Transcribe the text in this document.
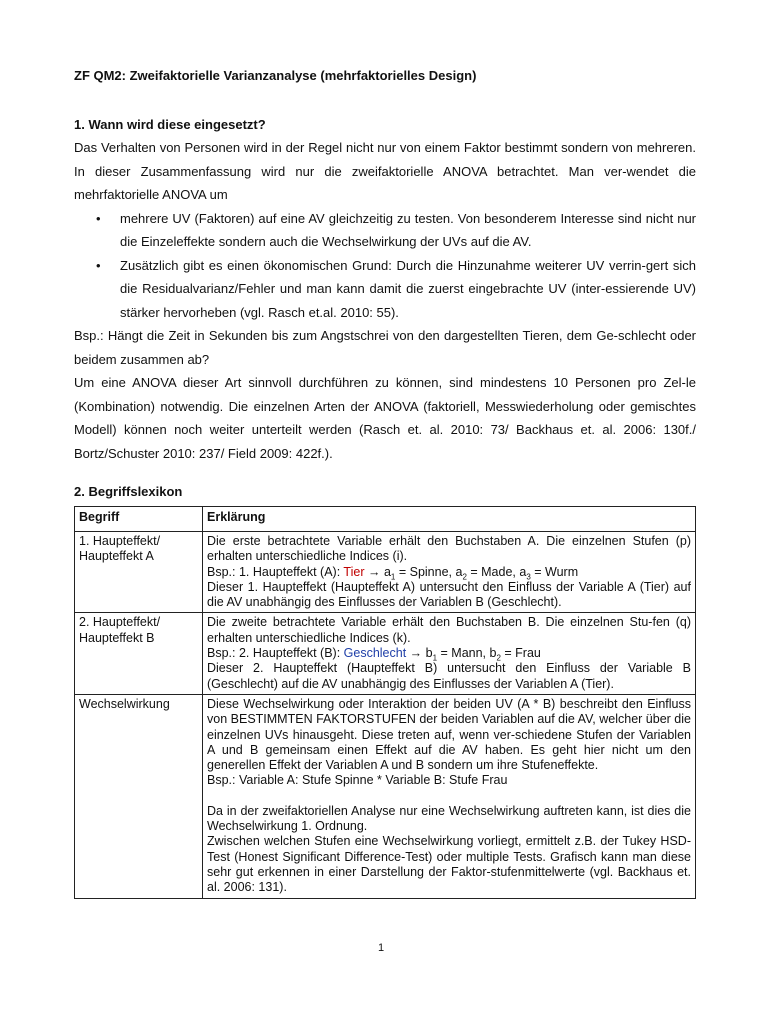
ZF QM2: Zweifaktorielle Varianzanalyse (mehrfaktorielles Design)
1. Wann wird diese eingesetzt?

Das Verhalten von Personen wird in der Regel nicht nur von einem Faktor bestimmt sondern von mehreren. In dieser Zusammenfassung wird nur die zweifaktorielle ANOVA betrachtet. Man ver-wendet die mehrfaktorielle ANOVA um

• mehrere UV (Faktoren) auf eine AV gleichzeitig zu testen. Von besonderem Interesse sind nicht nur die Einzeleffekte sondern auch die Wechselwirkung der UVs auf die AV.
• Zusätzlich gibt es einen ökonomischen Grund: Durch die Hinzunahme weiterer UV verrin-gert sich die Residualvarianz/Fehler und man kann damit die zuerst eingebrachte UV (inter-essierende UV) stärker hervorheben (vgl. Rasch et.al. 2010: 55).

Bsp.: Hängt die Zeit in Sekunden bis zum Angstschrei von den dargestellten Tieren, dem Ge-schlecht oder beidem zusammen ab?

Um eine ANOVA dieser Art sinnvoll durchführen zu können, sind mindestens 10 Personen pro Zel-le (Kombination) notwendig. Die einzelnen Arten der ANOVA (faktoriell, Messwiederholung oder gemischtes Modell) können noch weiter unterteilt werden (Rasch et. al. 2010: 73/ Backhaus et. al. 2006: 130f./ Bortz/Schuster 2010: 237/ Field 2009: 422f.).

2. Begriffslexikon
Begriff	Erklärung
1. Haupteffekt/ Haupteffekt A	Die erste betrachtete Variable erhält den Buchstaben A. Die einzelnen Stufen (p) erhalten unterschiedliche Indices (i).
Bsp.: 1. Haupteffekt (A): Tier → $a_1$ = Spinne, $a_2$ = Made, $a_3$ = Wurm
Dieser 1. Haupteffekt (Haupteffekt A) untersucht den Einfluss der Variable A (Tier) auf die AV unabhängig des Einflusses der Variablen B (Geschlecht).

2. Haupteffekt/ Haupteffekt B	Die zweite betrachtete Variable erhält den Buchstaben B. Die einzelnen Stu-fen (q) erhalten unterschiedliche Indices (k).
Bsp.: 2. Haupteffekt (B): Geschlecht → $b_1$ = Mann, $b_2$ = Frau
Dieser 2. Haupteffekt (Haupteffekt B) untersucht den Einfluss der Variable B (Geschlecht) auf die AV unabhängig des Einflusses der Variablen A (Tier).

Wechselwirkung	Diese Wechselwirkung oder Interaktion der beiden UV (A * B) beschreibt den Einfluss von BESTIMMTEN FAKTORSTUFEN der beiden Variablen auf die AV, welcher über die einzelnen UVs hinausgeht. Diese treten auf, wenn ver-schiedene Stufen der Variablen A und B gemeinsam einen Effekt auf die AV haben. Es geht hier nicht um den generellen Effekt der Variablen A und B sondern um ihre Stufeneffekte.
Bsp.: Variable A: Stufe Spinne * Variable B: Stufe Frau
Da in der zweifaktoriellen Analyse nur eine Wechselwirkung auftreten kann, ist dies die Wechselwirkung 1. Ordnung.
Zwischen welchen Stufen eine Wechselwirkung vorliegt, ermittelt z.B. der Tukey HSD-Test (Honest Significant Difference-Test) oder multiple Tests. Grafisch kann man diese sehr gut erkennen in einer Darstellung der Faktor-stufenmittelwerte (vgl. Backhaus et. al. 2006: 131).
1
